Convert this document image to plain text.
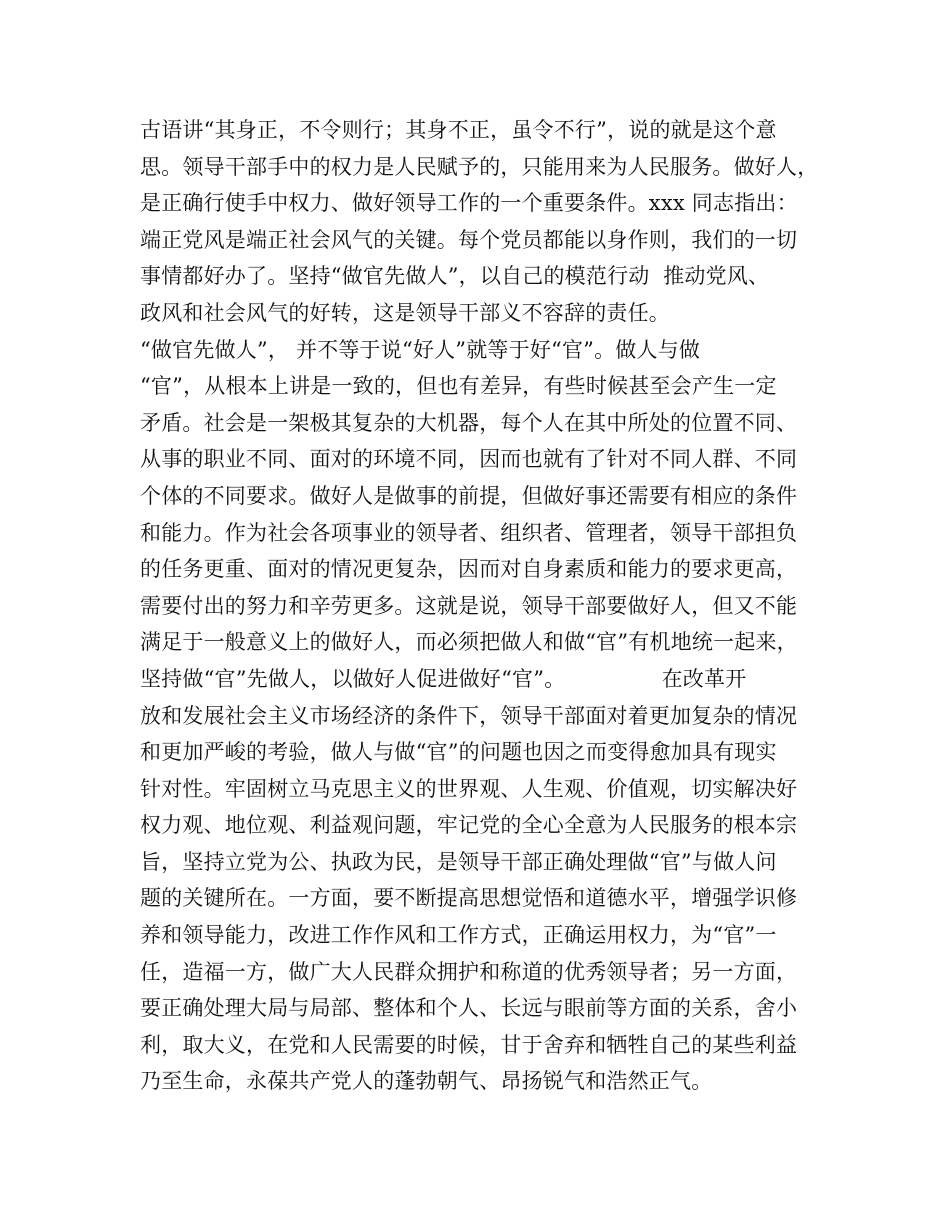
古语讲“其身正，不令则行；其身不正，虽令不行”，说的就是这个意
思。领导干部手中的权力是人民赋予的，只能用来为人民服务。做好人，
是正确行使手中权力、做好领导工作的一个重要条件。xxx 同志指出：
端正党风是端正社会风气的关键。每个党员都能以身作则，我们的一切
事情都好办了。坚持“做官先做人”，以自己的模范行动  推动党风、
政风和社会风气的好转，这是领导干部义不容辞的责任。
“做官先做人”， 并不等于说“好人”就等于好“官”。做人与做
“官”，从根本上讲是一致的，但也有差异，有些时候甚至会产生一定
矛盾。社会是一架极其复杂的大机器，每个人在其中所处的位置不同、
从事的职业不同、面对的环境不同，因而也就有了针对不同人群、不同
个体的不同要求。做好人是做事的前提，但做好事还需要有相应的条件
和能力。作为社会各项事业的领导者、组织者、管理者，领导干部担负
的任务更重、面对的情况更复杂，因而对自身素质和能力的要求更高，
需要付出的努力和辛劳更多。这就是说，领导干部要做好人，但又不能
满足于一般意义上的做好人，而必须把做人和做“官”有机地统一起来，
坚持做“官”先做人，以做好人促进做好“官”。              在改革开
放和发展社会主义市场经济的条件下，领导干部面对着更加复杂的情况
和更加严峻的考验，做人与做“官”的问题也因之而变得愈加具有现实
针对性。牢固树立马克思主义的世界观、人生观、价值观，切实解决好
权力观、地位观、利益观问题，牢记党的全心全意为人民服务的根本宗
旨，坚持立党为公、执政为民，是领导干部正确处理做“官”与做人问
题的关键所在。一方面，要不断提高思想觉悟和道德水平，增强学识修
养和领导能力，改进工作作风和工作方式，正确运用权力，为“官”一
任，造福一方，做广大人民群众拥护和称道的优秀领导者；另一方面，
要正确处理大局与局部、整体和个人、长远与眼前等方面的关系，舍小
利，取大义，在党和人民需要的时候，甘于舍弃和牺牲自己的某些利益
乃至生命，永葆共产党人的蓬勃朝气、昂扬锐气和浩然正气。
